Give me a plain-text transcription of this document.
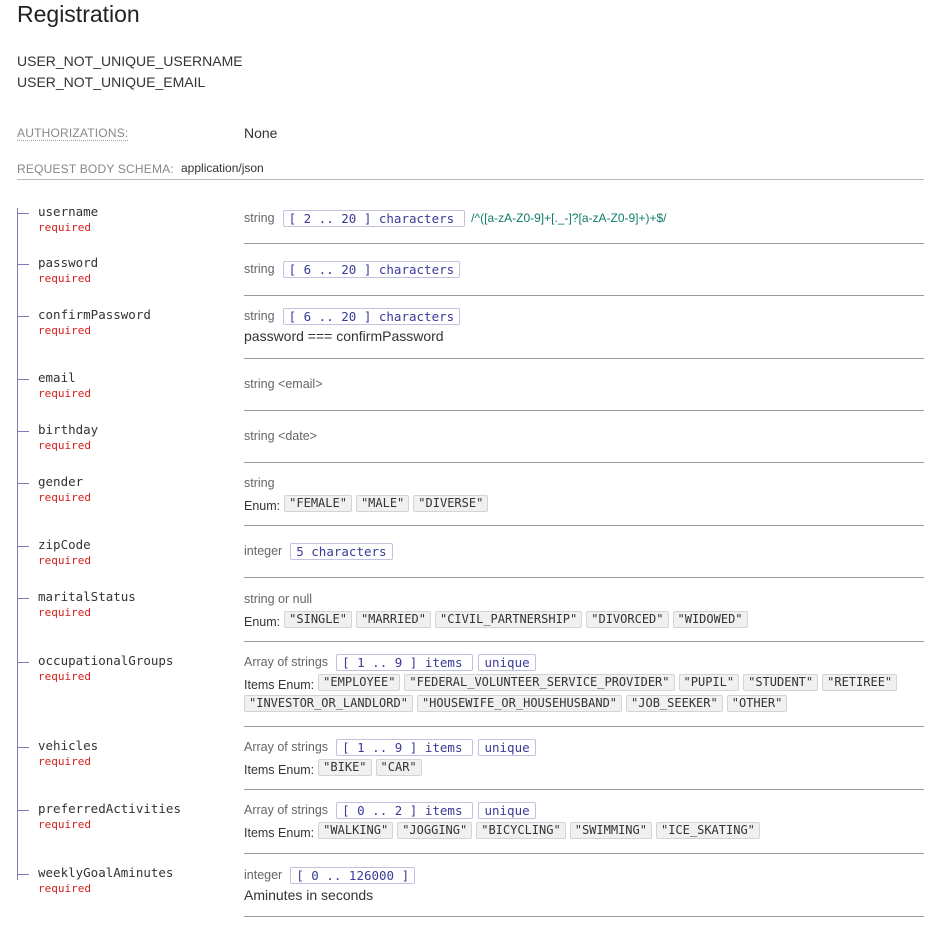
Registration
USER_NOT_UNIQUE_USERNAME
USER_NOT_UNIQUE_EMAIL
AUTHORIZATIONS:	None
REQUEST BODY SCHEMA: application/json
username
required
string	[ 2 .. 20 ] characters	/^([a-zA-Z0-9]+[._-]?[a-zA-Z0-9]+)+$/
password
required
string	[ 6 .. 20 ] characters
confirmPassword
required
string	[ 6 .. 20 ] characters
password === confirmPassword
email
required
string <email>
birthday
required
string <date>
gender
required
string
Enum: "FEMALE"	"MALE"	"DIVERSE"
zipCode
required
integer	5 characters
maritalStatus
required
string or null
Enum: "SINGLE"	"MARRIED"	"CIVIL_PARTNERSHIP"	"DIVORCED"	"WIDOWED"
occupationalGroups
required
Array of strings	[ 1 .. 9 ] items	unique
Items Enum: "EMPLOYEE"	"FEDERAL_VOLUNTEER_SERVICE_PROVIDER"	"PUPIL"	"STUDENT"	"RETIREE"
"INVESTOR_OR_LANDLORD"	"HOUSEWIFE_OR_HOUSEHUSBAND"	"JOB_SEEKER"	"OTHER"
vehicles
required
Array of strings	[ 1 .. 9 ] items	unique
Items Enum: "BIKE"	"CAR"
preferredActivities
required
Array of strings	[ 0 .. 2 ] items	unique
Items Enum: "WALKING"	"JOGGING"	"BICYCLING"	"SWIMMING"	"ICE_SKATING"
weeklyGoalAminutes
required
integer	[ 0 .. 126000 ]
Aminutes in seconds
